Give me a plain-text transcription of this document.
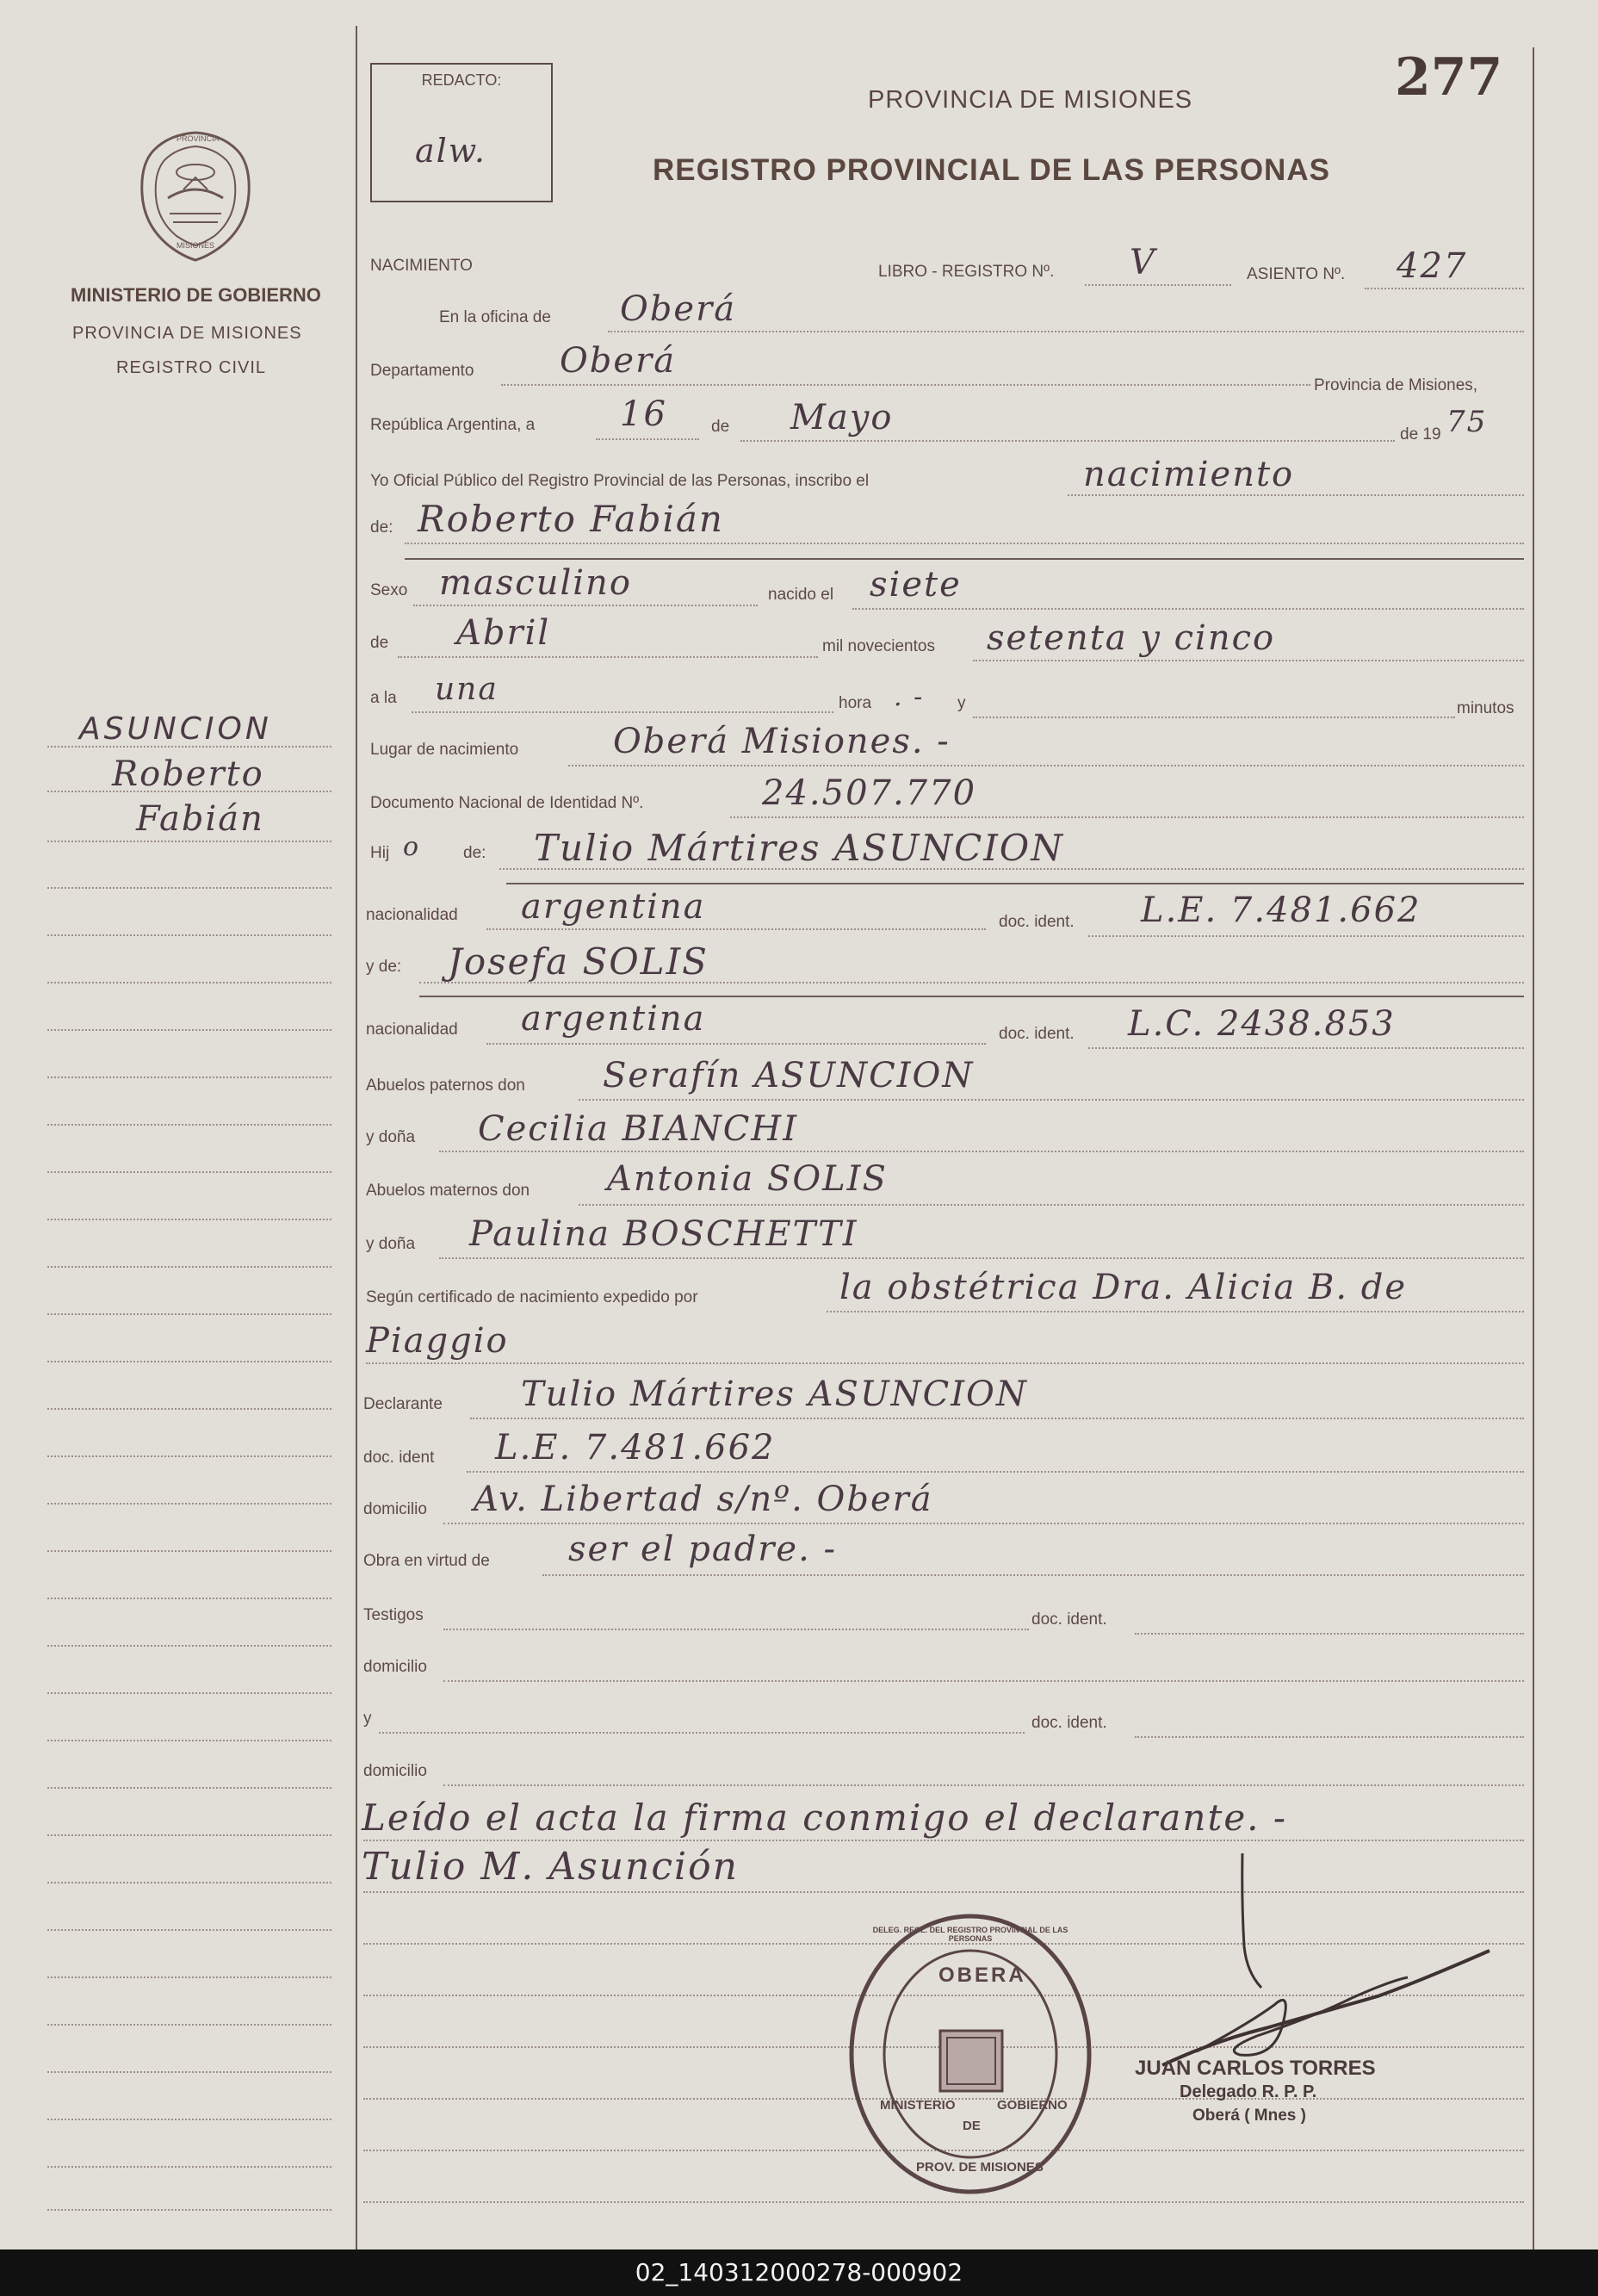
277
REDACTO:
alw.
PROVINCIA DE MISIONES
REGISTRO PROVINCIAL DE LAS PERSONAS
PROVINCIA
MISIONES
MINISTERIO DE GOBIERNO
PROVINCIA DE MISIONES
REGISTRO CIVIL
ASUNCION
Roberto
Fabián
NACIMIENTO	LIBRO - REGISTRO Nº. V	ASIENTO Nº. 427
En la oficina de Oberá
Departamento Oberá
Provincia de Misiones,
República Argentina, a 16	de Mayo	de 19 75
Yo Oficial Público del Registro Provincial de las Personas, inscribo el	nacimiento
de: Roberto Fabián
Sexo masculino	nacido el siete
de Abril	mil novecientos setenta y cinco
a la una	hora . - y	minutos
Lugar de nacimiento	Oberá Misiones. -
Documento Nacional de Identidad Nº.	24.507.770
Hij o	de: Tulio Mártires ASUNCION
nacionalidad argentina	doc. ident. L.E. 7.481.662
y de: Josefa SOLIS
nacionalidad argentina	doc. ident. L.C. 2438.853
Abuelos paternos don Serafín ASUNCION
y doña Cecilia BIANCHI
Abuelos maternos don Antonia SOLIS
y doña Paulina BOSCHETTI
Según certificado de nacimiento expedido por	la obstétrica Dra. Alicia B. de
Piaggio
Declarante Tulio Mártires ASUNCION
doc. ident L.E. 7.481.662
domicilio Av. Libertad s/nº. Oberá
Obra en virtud de ser el padre. -
Testigos	doc. ident.
domicilio
y	doc. ident.
domicilio
Leído el acta la firma conmigo el declarante. -
Tulio M. Asunción
OBERA
DELEG. REGL. DEL REGISTRO PROVINCIAL DE LAS PERSONAS
MINISTERIO
DE
GOBIERNO
PROV. DE MISIONES
JUAN CARLOS TORRES
Delegado R. P. P.
Oberá ( Mnes )
02_140312000278-000902
